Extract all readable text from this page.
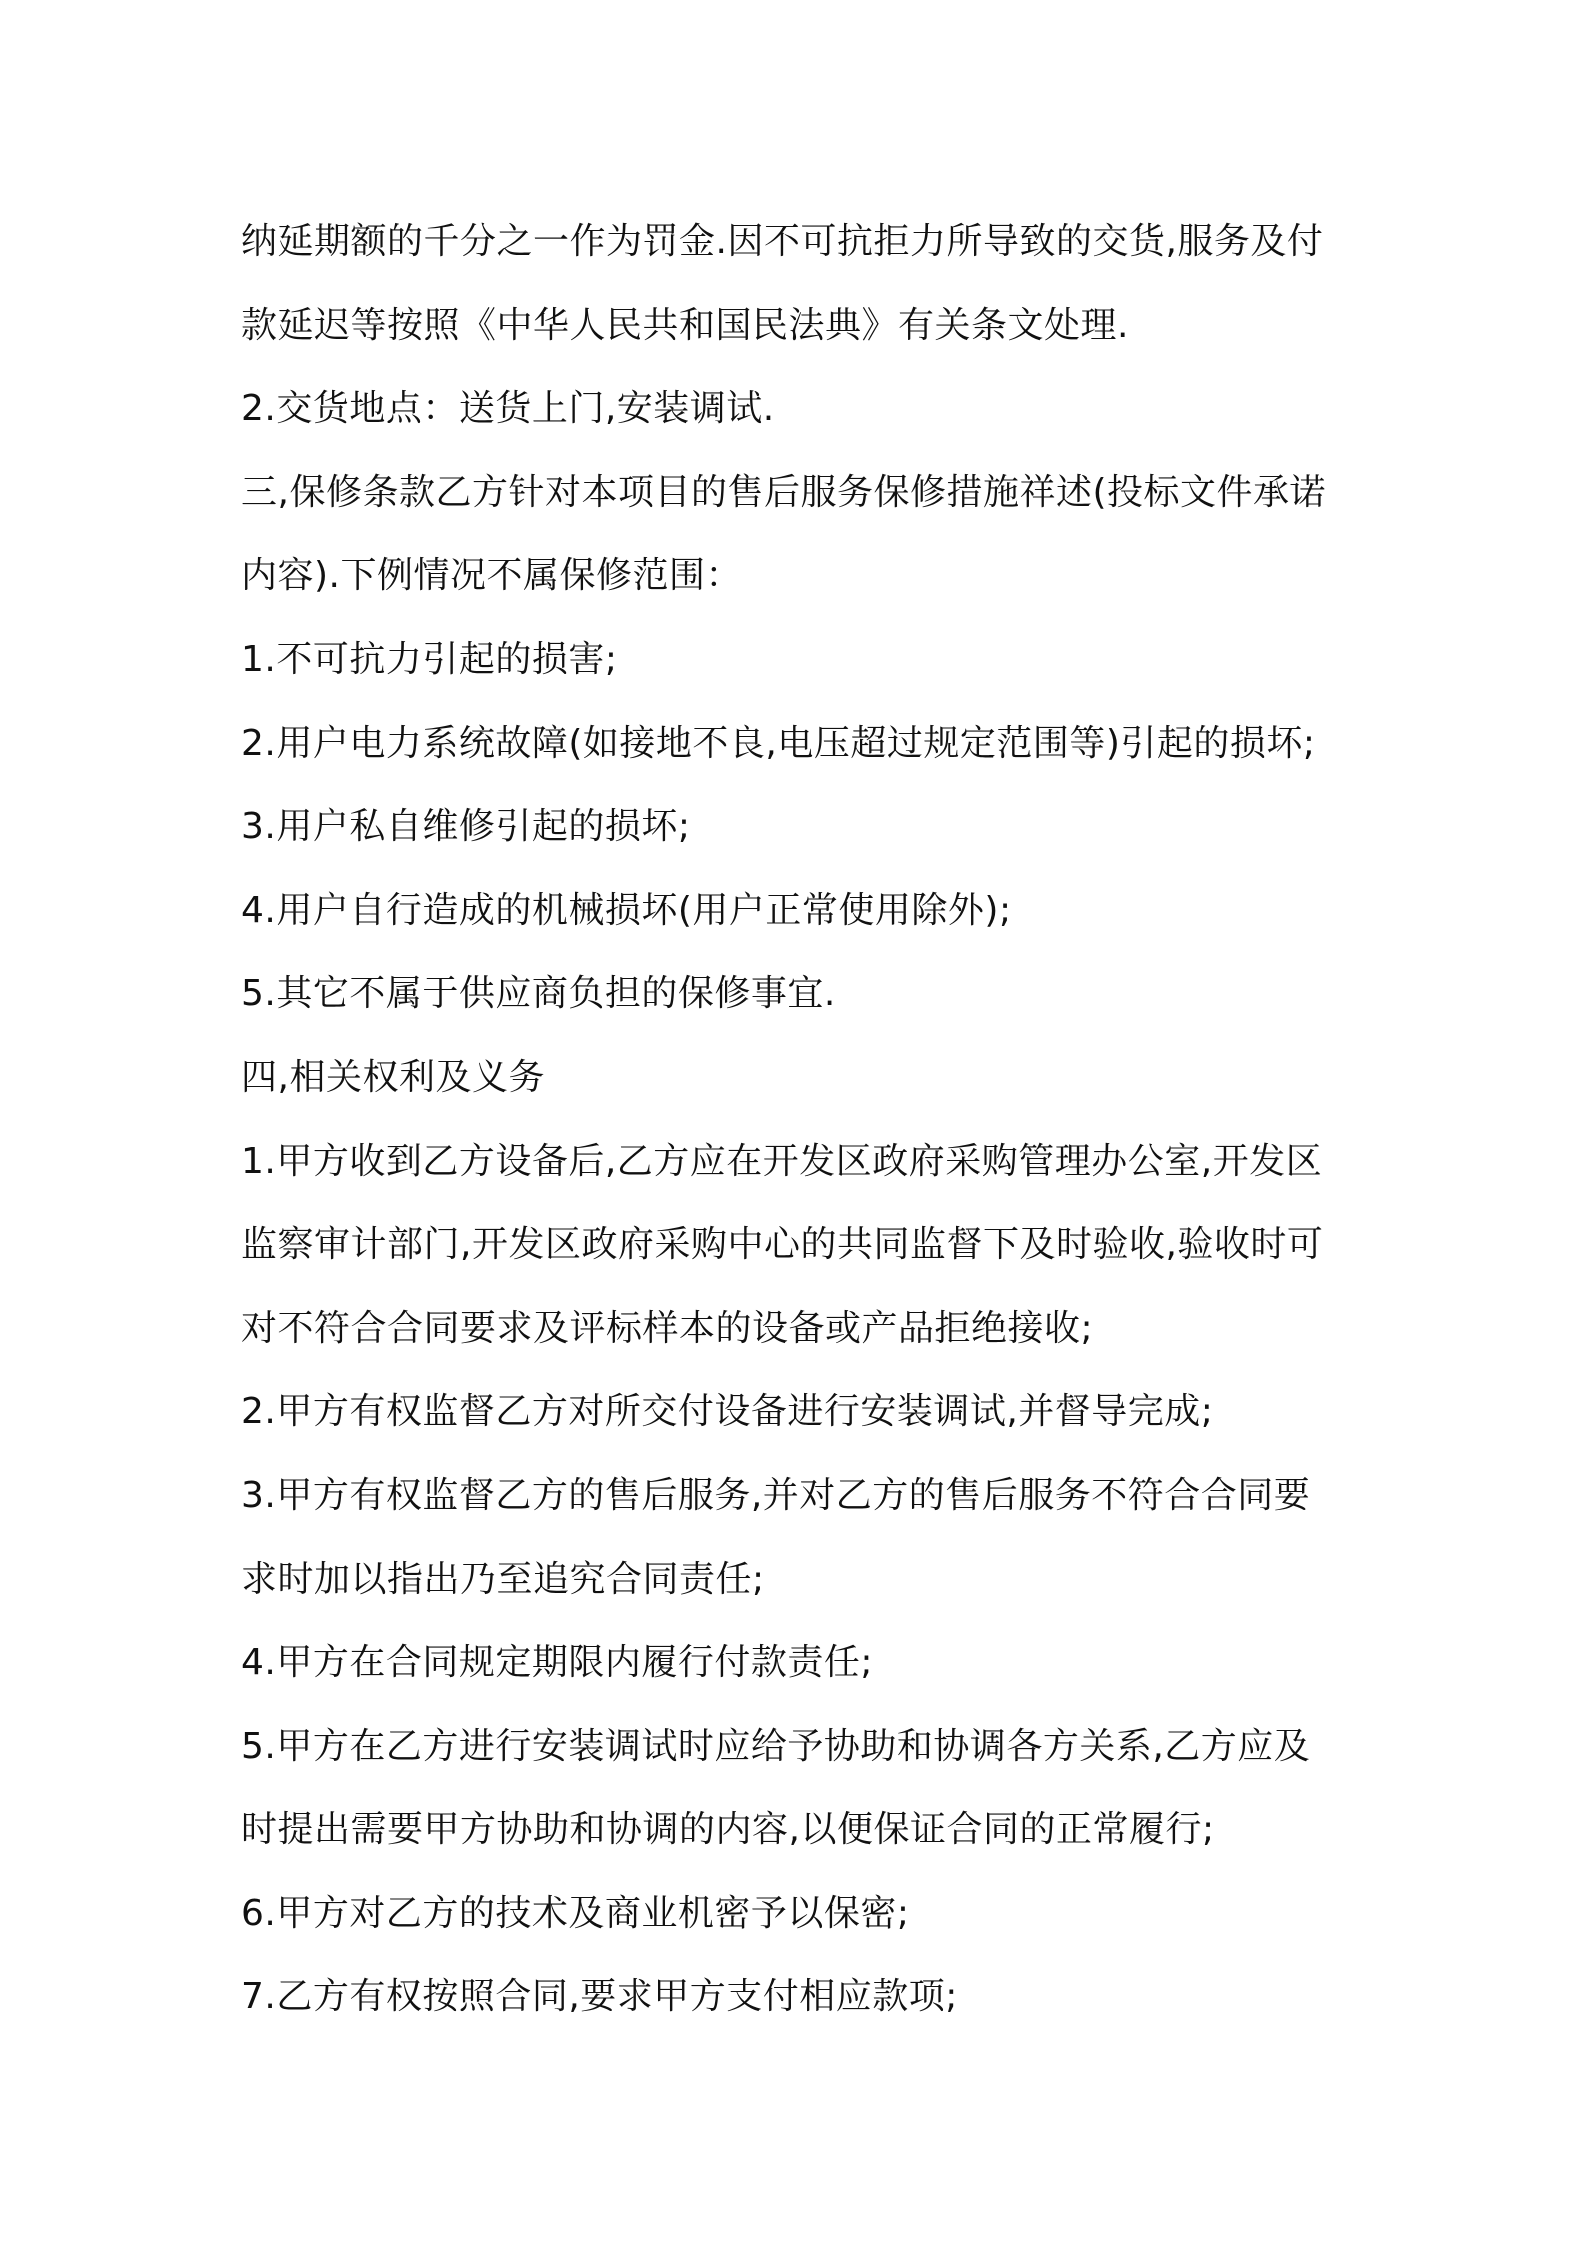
纳延期额的千分之一作为罚金.因不可抗拒力所导致的交货,服务及付
款延迟等按照《中华人民共和国民法典》有关条文处理.
2.交货地点：送货上门,安装调试.
三,保修条款乙方针对本项目的售后服务保修措施祥述(投标文件承诺
内容).下例情况不属保修范围：
1.不可抗力引起的损害;
2.用户电力系统故障(如接地不良,电压超过规定范围等)引起的损坏;
3.用户私自维修引起的损坏;
4.用户自行造成的机械损坏(用户正常使用除外);
5.其它不属于供应商负担的保修事宜.
四,相关权利及义务
1.甲方收到乙方设备后,乙方应在开发区政府采购管理办公室,开发区
监察审计部门,开发区政府采购中心的共同监督下及时验收,验收时可
对不符合合同要求及评标样本的设备或产品拒绝接收;
2.甲方有权监督乙方对所交付设备进行安装调试,并督导完成;
3.甲方有权监督乙方的售后服务,并对乙方的售后服务不符合合同要
求时加以指出乃至追究合同责任;
4.甲方在合同规定期限内履行付款责任;
5.甲方在乙方进行安装调试时应给予协助和协调各方关系,乙方应及
时提出需要甲方协助和协调的内容,以便保证合同的正常履行;
6.甲方对乙方的技术及商业机密予以保密;
7.乙方有权按照合同,要求甲方支付相应款项;
